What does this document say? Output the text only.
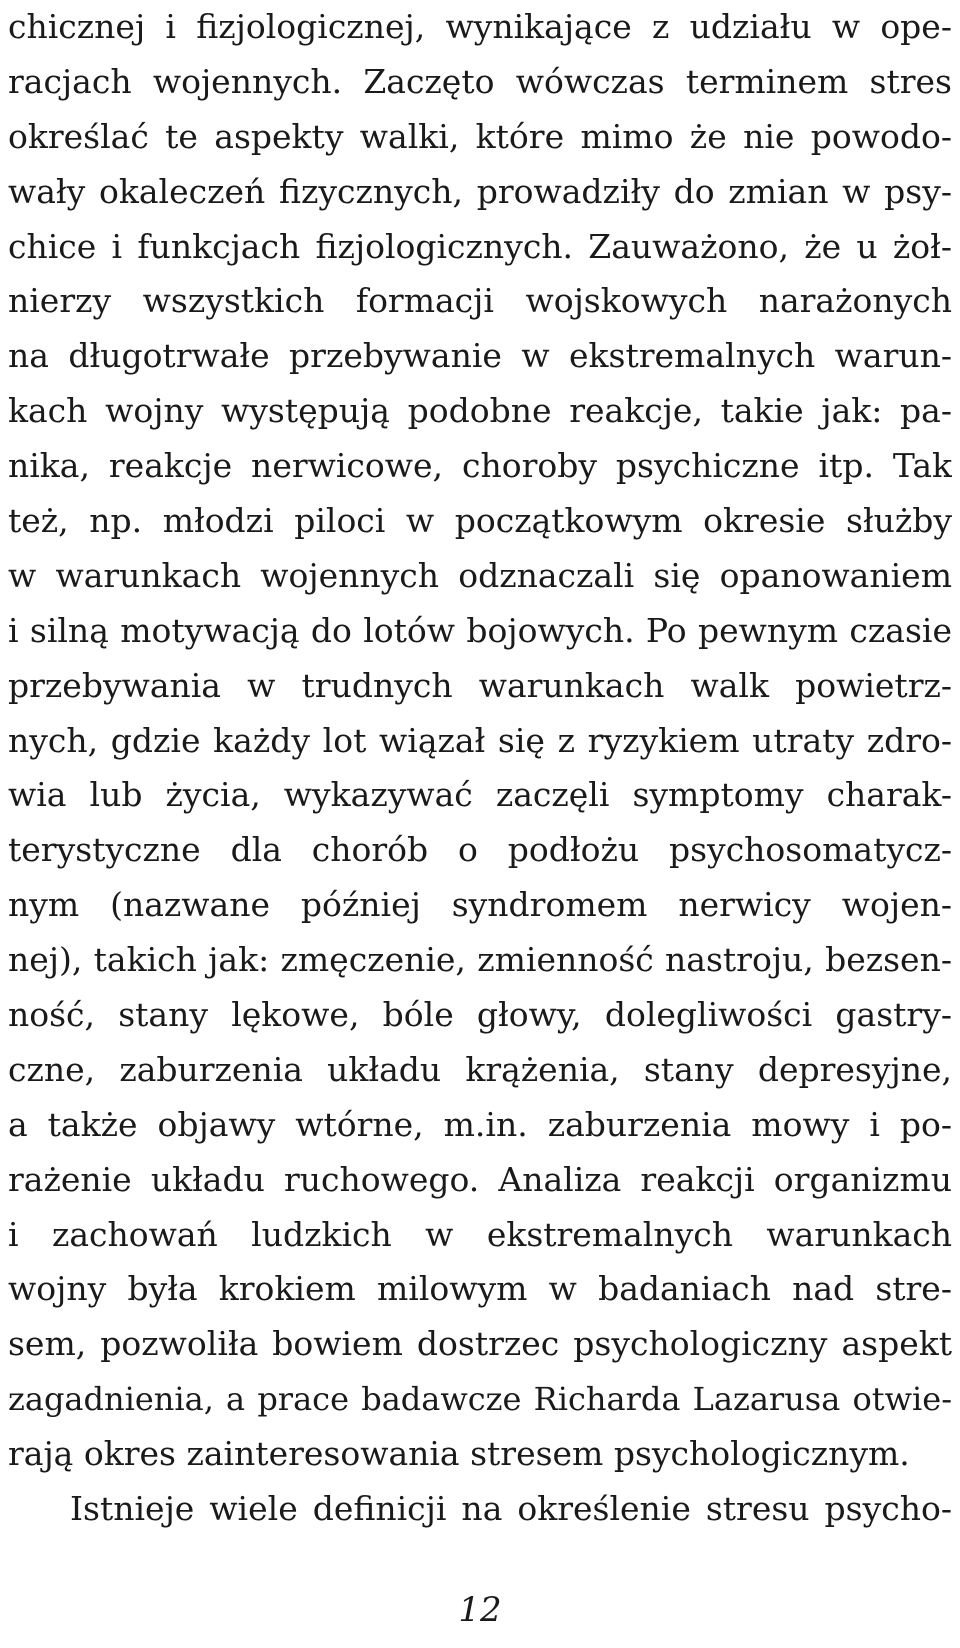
chicznej i fizjologicznej, wynikające z udziału w ope-
racjach wojennych. Zaczęto wówczas terminem stres
określać te aspekty walki, które mimo że nie powodo-
wały okaleczeń fizycznych, prowadziły do zmian w psy-
chice i funkcjach fizjologicznych. Zauważono, że u żoł-
nierzy wszystkich formacji wojskowych narażonych
na długotrwałe przebywanie w ekstremalnych warun-
kach wojny występują podobne reakcje, takie jak: pa-
nika, reakcje nerwicowe, choroby psychiczne itp. Tak
też, np. młodzi piloci w początkowym okresie służby
w warunkach wojennych odznaczali się opanowaniem
i silną motywacją do lotów bojowych. Po pewnym czasie
przebywania w trudnych warunkach walk powietrz-
nych, gdzie każdy lot wiązał się z ryzykiem utraty zdro-
wia lub życia, wykazywać zaczęli symptomy charak-
terystyczne dla chorób o podłożu psychosomatycz-
nym (nazwane później syndromem nerwicy wojen-
nej), takich jak: zmęczenie, zmienność nastroju, bezsen-
ność, stany lękowe, bóle głowy, dolegliwości gastry-
czne, zaburzenia układu krążenia, stany depresyjne,
a także objawy wtórne, m.in. zaburzenia mowy i po-
rażenie układu ruchowego. Analiza reakcji organizmu
i zachowań ludzkich w ekstremalnych warunkach
wojny była krokiem milowym w badaniach nad stre-
sem, pozwoliła bowiem dostrzec psychologiczny aspekt
zagadnienia, a prace badawcze Richarda Lazarusa otwie-
rają okres zainteresowania stresem psychologicznym.
Istnieje wiele definicji na określenie stresu psycho-
12
